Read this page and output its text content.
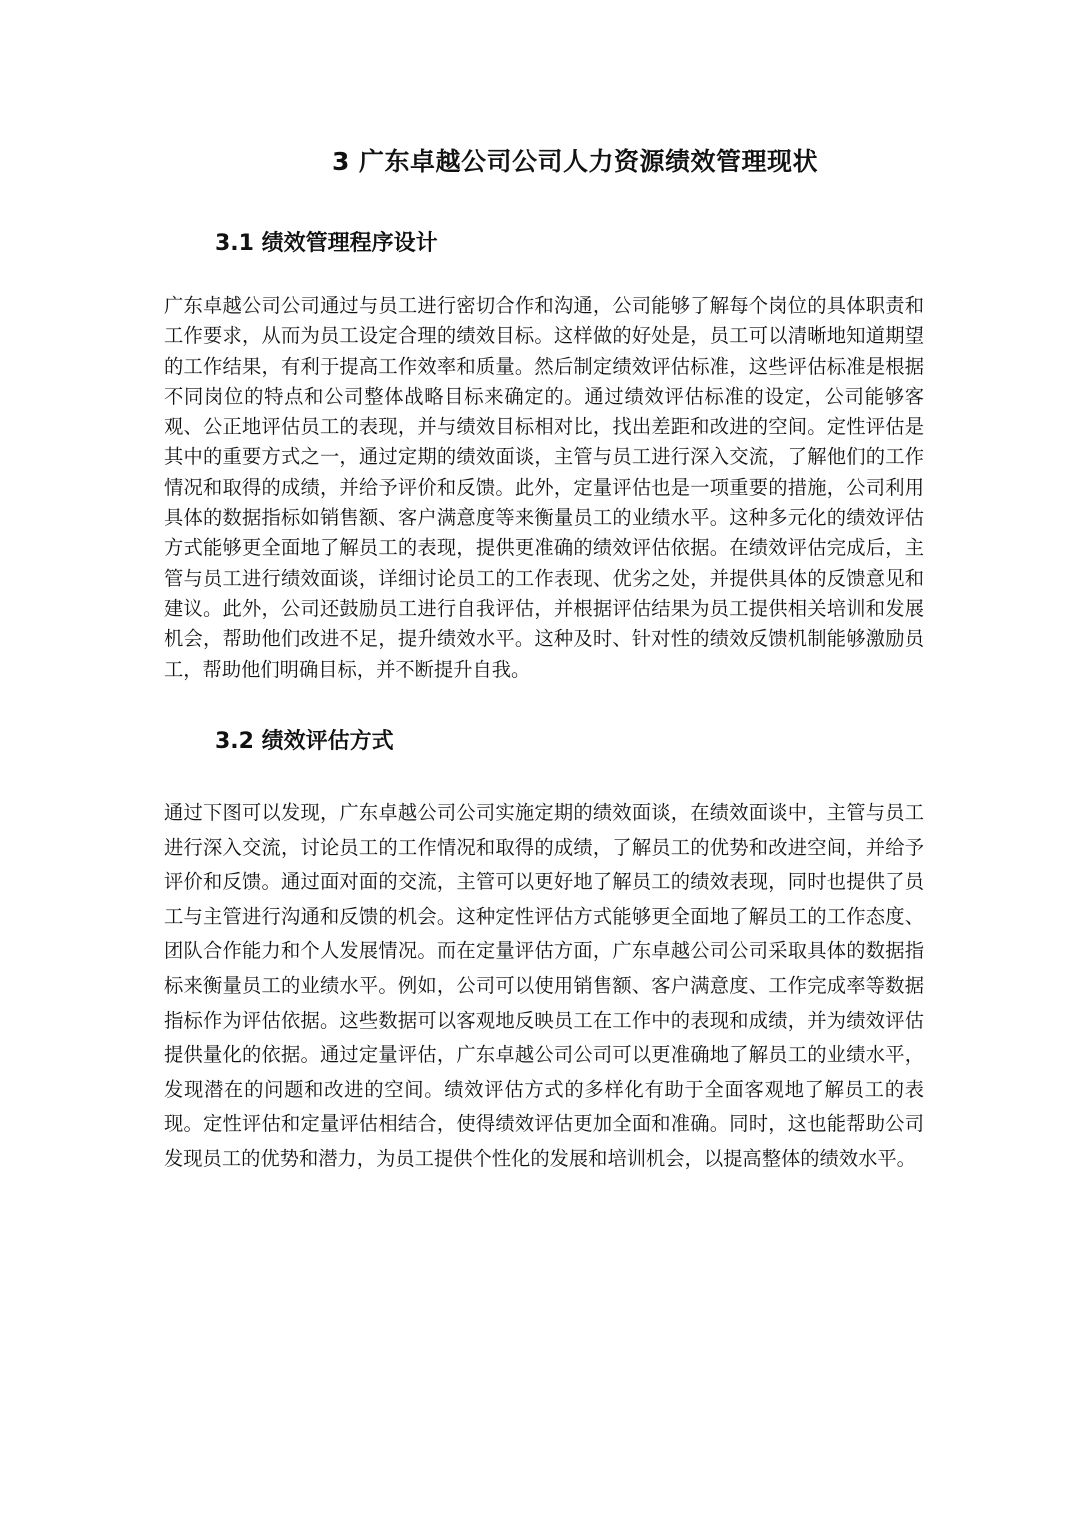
3 广东卓越公司公司人力资源绩效管理现状
3.1 绩效管理程序设计

广东卓越公司公司通过与员工进行密切合作和沟通，公司能够了解每个岗位的具体职责和工作要求，从而为员工设定合理的绩效目标。这样做的好处是，员工可以清晰地知道期望的工作结果，有利于提高工作效率和质量。然后制定绩效评估标准，这些评估标准是根据不同岗位的特点和公司整体战略目标来确定的。通过绩效评估标准的设定，公司能够客观、公正地评估员工的表现，并与绩效目标相对比，找出差距和改进的空间。定性评估是其中的重要方式之一，通过定期的绩效面谈，主管与员工进行深入交流，了解他们的工作情况和取得的成绩，并给予评价和反馈。此外，定量评估也是一项重要的措施，公司利用具体的数据指标如销售额、客户满意度等来衡量员工的业绩水平。这种多元化的绩效评估方式能够更全面地了解员工的表现，提供更准确的绩效评估依据。在绩效评估完成后，主管与员工进行绩效面谈，详细讨论员工的工作表现、优劣之处，并提供具体的反馈意见和建议。此外，公司还鼓励员工进行自我评估，并根据评估结果为员工提供相关培训和发展机会，帮助他们改进不足，提升绩效水平。这种及时、针对性的绩效反馈机制能够激励员工，帮助他们明确目标，并不断提升自我。

3.2 绩效评估方式

通过下图可以发现，广东卓越公司公司实施定期的绩效面谈，在绩效面谈中，主管与员工进行深入交流，讨论员工的工作情况和取得的成绩，了解员工的优势和改进空间，并给予评价和反馈。通过面对面的交流，主管可以更好地了解员工的绩效表现，同时也提供了员工与主管进行沟通和反馈的机会。这种定性评估方式能够更全面地了解员工的工作态度、团队合作能力和个人发展情况。而在定量评估方面，广东卓越公司公司采取具体的数据指标来衡量员工的业绩水平。例如，公司可以使用销售额、客户满意度、工作完成率等数据指标作为评估依据。这些数据可以客观地反映员工在工作中的表现和成绩，并为绩效评估提供量化的依据。通过定量评估，广东卓越公司公司可以更准确地了解员工的业绩水平，发现潜在的问题和改进的空间。绩效评估方式的多样化有助于全面客观地了解员工的表现。定性评估和定量评估相结合，使得绩效评估更加全面和准确。同时，这也能帮助公司发现员工的优势和潜力，为员工提供个性化的发展和培训机会，以提高整体的绩效水平。
